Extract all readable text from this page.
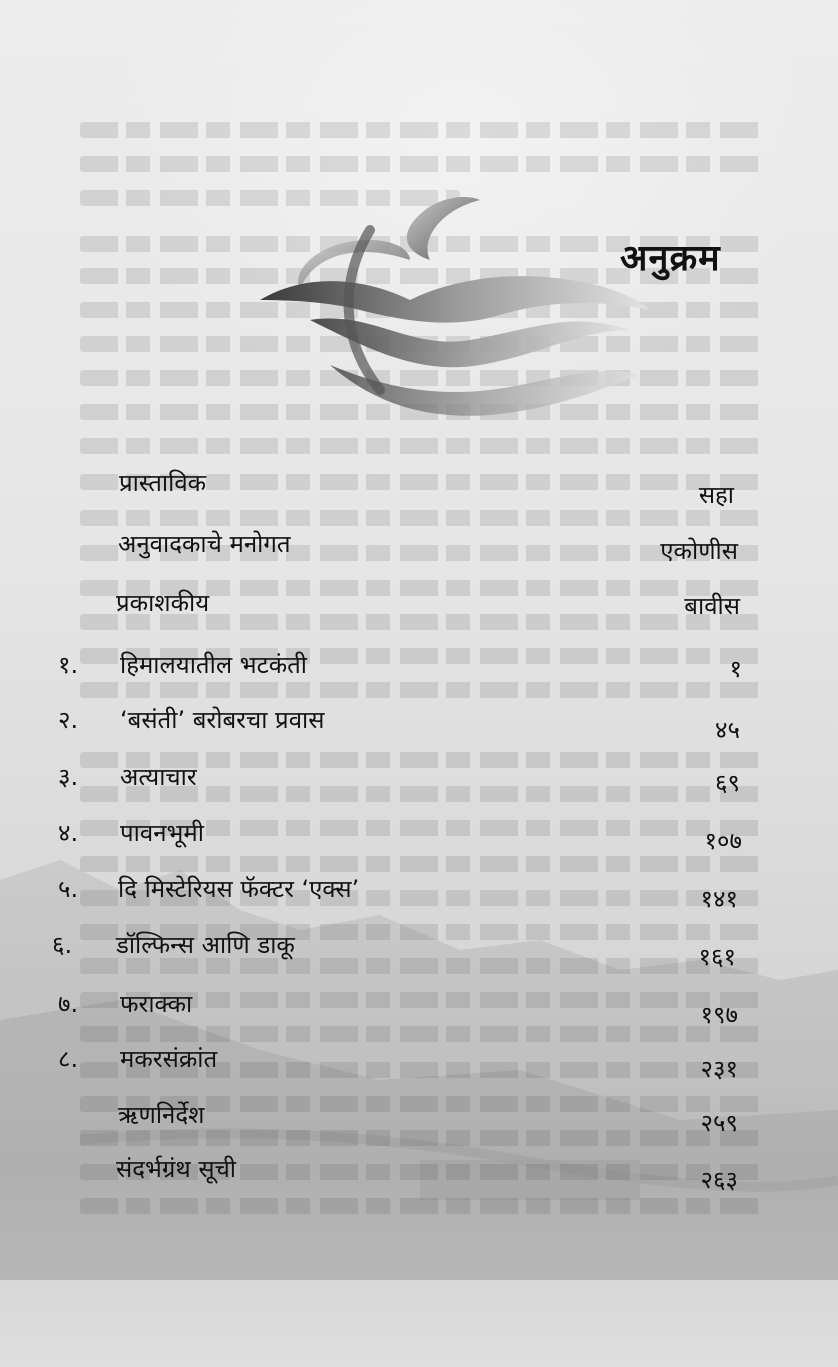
अनुक्रम
प्रास्ताविक	सहा
अनुवादकाचे मनोगत	एकोणीस
प्रकाशकीय	बावीस
१. हिमालयातील भटकंती	१
२. ‘बसंती’ बरोबरचा प्रवास	४५
३. अत्याचार	६९
४. पावनभूमी	१०७
५. दि मिस्टेरियस फॅक्टर ‘एक्स’	१४१
६. डॉल्फिन्स आणि डाकू	१६१
७. फराक्का	१९७
८. मकरसंक्रांत	२३१
ऋणनिर्देश	२५९
संदर्भग्रंथ सूची	२६३
